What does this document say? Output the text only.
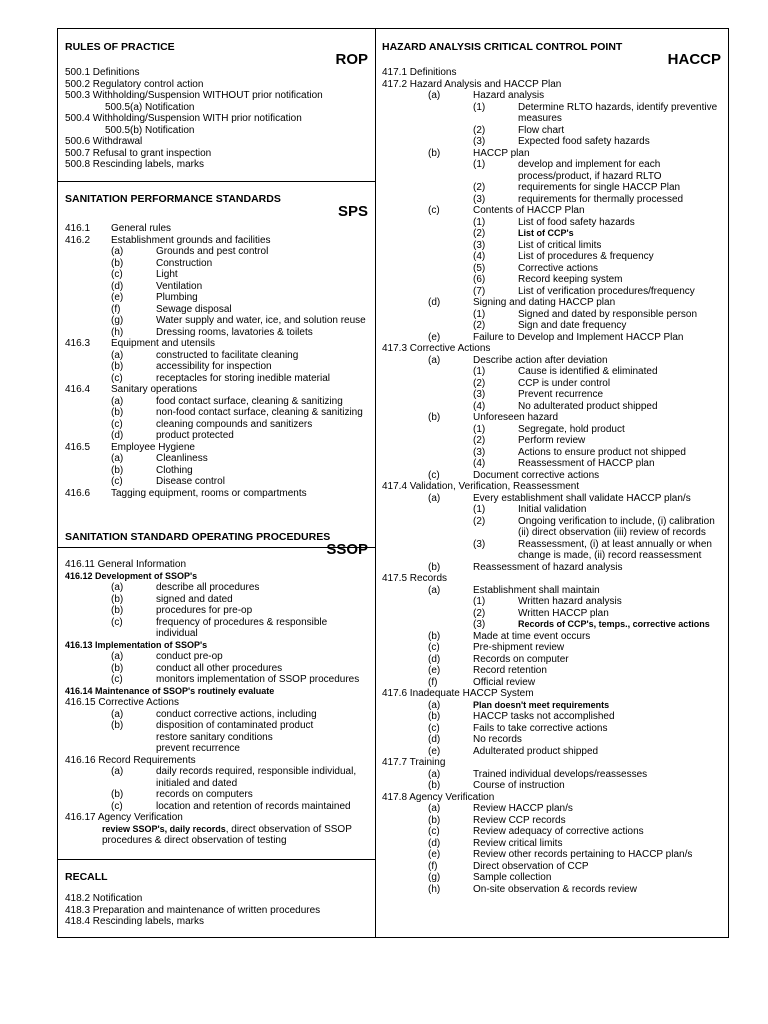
RULES OF PRACTICE
ROP
500.1 Definitions
500.2 Regulatory control action
500.3 Withholding/Suspension WITHOUT prior notification
500.5(a) Notification
500.4 Withholding/Suspension WITH prior notification
500.5(b) Notification
500.6 Withdrawal
500.7 Refusal to grant inspection
500.8 Rescinding labels, marks
SANITATION PERFORMANCE STANDARDS
SPS
416.1 General rules
416.2 Establishment grounds and facilities
(a)	Grounds and pest control
(b)	Construction
(c)	Light
(d)	Ventilation
(e)	Plumbing
(f)	Sewage disposal
(g)	Water supply and water, ice, and solution reuse
(h)	Dressing rooms, lavatories & toilets
416.3 Equipment and utensils
(a)	constructed to facilitate cleaning
(b)	accessibility for inspection
(c)	receptacles for storing inedible material
416.4 Sanitary operations
(a)	food contact surface, cleaning & sanitizing
(b)	non-food contact surface, cleaning & sanitizing
(c)	cleaning compounds and sanitizers
(d)	product protected
416.5 Employee Hygiene
(a)	Cleanliness
(b)	Clothing
(c)	Disease control
416.6 Tagging equipment, rooms or compartments
SANITATION STANDARD OPERATING PROCEDURES
SSOP
416.11 General Information
416.12 Development of SSOP's
(a)	describe all procedures
(b)	signed and dated
(b)	procedures for pre-op
(c)	frequency of procedures & responsible
individual
416.13 Implementation of SSOP's
(a)	conduct pre-op
(b)	conduct all other procedures
(c)	monitors implementation of SSOP procedures
416.14 Maintenance of SSOP's routinely evaluate
416.15 Corrective Actions
(a)	conduct corrective actions, including
(b)	disposition of contaminated product
restore sanitary conditions
prevent recurrence
416.16 Record Requirements
(a)	daily records required, responsible individual,
initialed and dated
(b)	records on computers
(c)	location and retention of records maintained
416.17 Agency Verification
review SSOP's, daily records, direct observation of SSOP
procedures & direct observation of testing
RECALL
418.2 Notification
418.3 Preparation and maintenance of written procedures
418.4 Rescinding labels, marks
HAZARD ANALYSIS CRITICAL CONTROL POINT
HACCP
417.1 Definitions
417.2 Hazard Analysis and HACCP Plan
(a)	Hazard analysis
(1)	Determine RLTO hazards, identify preventive
measures
(2)	Flow chart
(3)	Expected food safety hazards
(b)	HACCP plan
(1)	develop and implement for each
process/product, if hazard RLTO
(2)	requirements for single HACCP Plan
(3)	requirements for thermally processed
(c)	Contents of HACCP Plan
(1)	List of food safety hazards
(2)	List of CCP's
(3)	List of critical limits
(4)	List of procedures & frequency
(5)	Corrective actions
(6)	Record keeping system
(7)	List of verification procedures/frequency
(d)	Signing and dating HACCP plan
(1)	Signed and dated by responsible person
(2)	Sign and date frequency
(e)	Failure to Develop and Implement HACCP Plan
417.3 Corrective Actions
(a)	Describe action after deviation
(1)	Cause is identified & eliminated
(2)	CCP is under control
(3)	Prevent recurrence
(4)	No adulterated product shipped
(b)	Unforeseen hazard
(1)	Segregate, hold product
(2)	Perform review
(3)	Actions to ensure product not shipped
(4)	Reassessment of HACCP plan
(c)	Document corrective actions
417.4 Validation, Verification, Reassessment
(a)	Every establishment shall validate HACCP plan/s
(1)	Initial validation
(2)	Ongoing verification to include, (i) calibration
(ii) direct observation (iii) review of records
(3)	Reassessment, (i) at least annually or when
change is made, (ii) record reassessment
(b)	Reassessment of hazard analysis
417.5 Records
(a)	Establishment shall maintain
(1)	Written hazard analysis
(2)	Written HACCP plan
(3)	Records of CCP's, temps., corrective actions
(b)	Made at time event occurs
(c)	Pre-shipment review
(d)	Records on computer
(e)	Record retention
(f)	Official review
417.6 Inadequate HACCP System
(a)	Plan doesn't meet requirements
(b)	HACCP tasks not accomplished
(c)	Fails to take corrective actions
(d)	No records
(e)	Adulterated product shipped
417.7 Training
(a)	Trained individual develops/reassesses
(b)	Course of instruction
417.8 Agency Verification
(a)	Review HACCP plan/s
(b)	Review CCP records
(c)	Review adequacy of corrective actions
(d)	Review critical limits
(e)	Review other records pertaining to HACCP plan/s
(f)	Direct observation of CCP
(g)	Sample collection
(h)	On-site observation & records review
